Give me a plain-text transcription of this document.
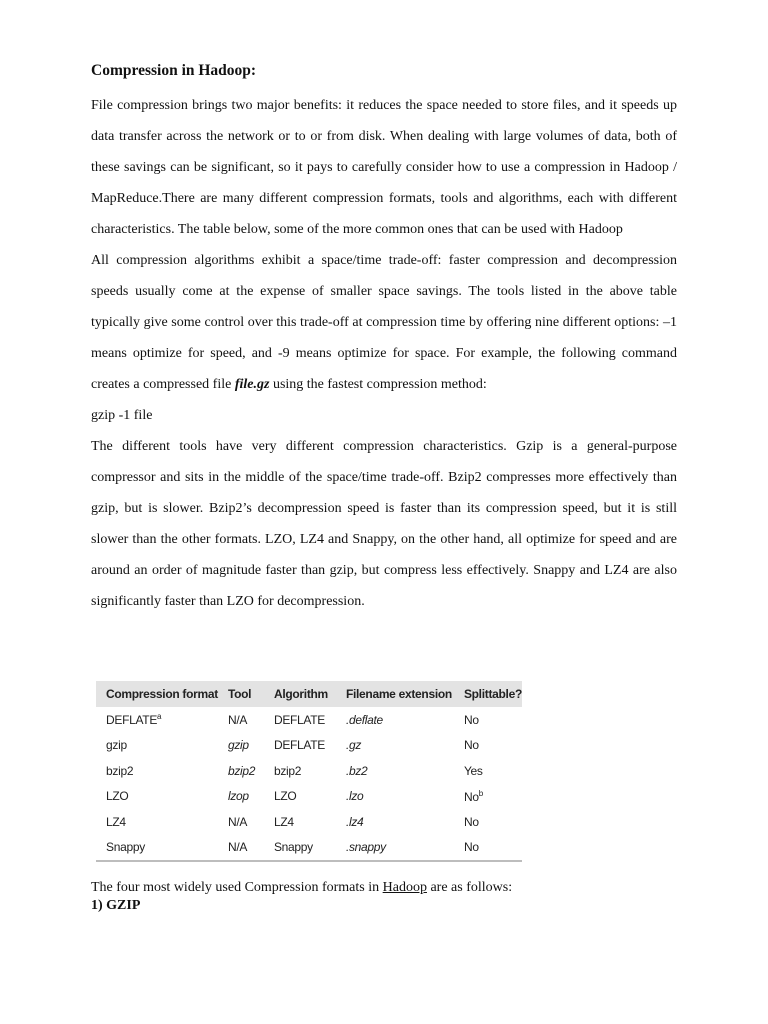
Compression in Hadoop:

File compression brings two major benefits: it reduces the space needed to store files, and it speeds up data transfer across the network or to or from disk. When dealing with large volumes of data, both of these savings can be significant, so it pays to carefully consider how to use a compression in Hadoop / MapReduce.There are many different compression formats, tools and algorithms, each with different characteristics. The table below, some of the more common ones that can be used with Hadoop

All compression algorithms exhibit a space/time trade-off: faster compression and decompression speeds usually come at the expense of smaller space savings. The tools listed in the above table typically give some control over this trade-off at compression time by offering nine different options: –1 means optimize for speed, and -9 means optimize for space. For example, the following command creates a compressed file file.gz using the fastest compression method:

gzip -1 file

The different tools have very different compression characteristics. Gzip is a general-purpose compressor and sits in the middle of the space/time trade-off. Bzip2 compresses more effectively than gzip, but is slower. Bzip2’s decompression speed is faster than its compression speed, but it is still slower than the other formats. LZO, LZ4 and Snappy, on the other hand, all optimize for speed and are around an order of magnitude faster than gzip, but compress less effectively. Snappy and LZ4 are also significantly faster than LZO for decompression.

Compression format	Tool	Algorithm	Filename extension	Splittable?
DEFLATE$^a$	N/A	DEFLATE	.deflate	No
gzip	gzip	DEFLATE	.gz	No
bzip2	bzip2	bzip2	.bz2	Yes
LZO	lzop	LZO	.lzo	No$^b$
LZ4	N/A	LZ4	.lz4	No
Snappy	N/A	Snappy	.snappy	No

The four most widely used Compression formats in Hadoop are as follows:

1) GZIP
